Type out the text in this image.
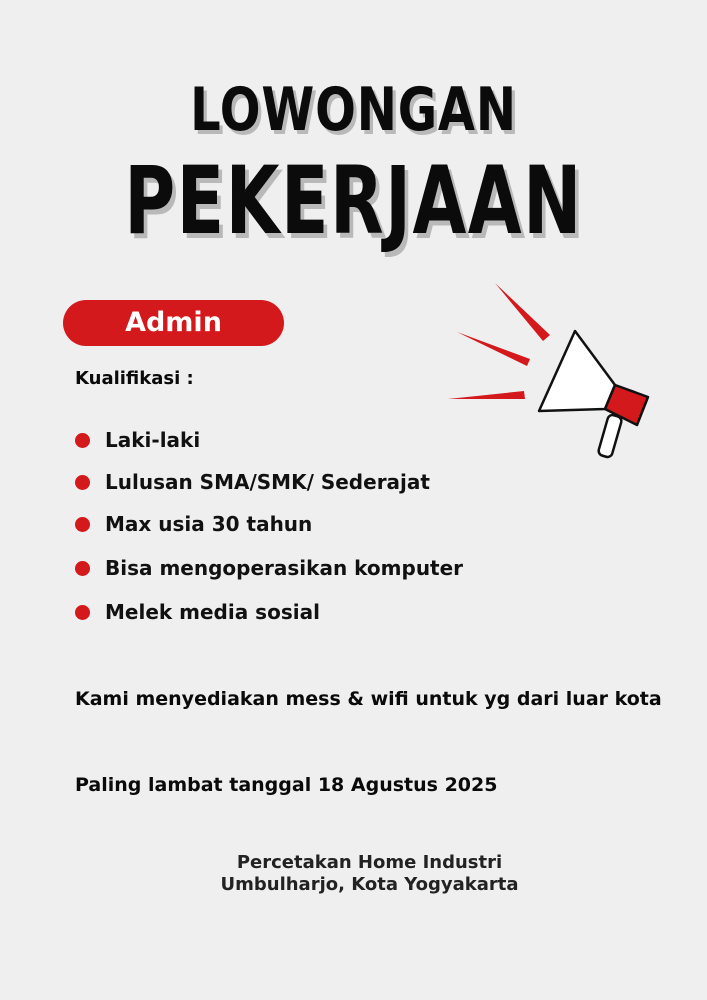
LOWONGAN
PEKERJAAN
Admin
Kualifikasi :
Laki-laki
Lulusan SMA/SMK/ Sederajat
Max usia 30 tahun
Bisa mengoperasikan komputer
Melek media sosial
Kami menyediakan mess & wifi untuk yg dari luar kota
Paling lambat tanggal 18 Agustus 2025
Percetakan Home Industri
Umbulharjo, Kota Yogyakarta
